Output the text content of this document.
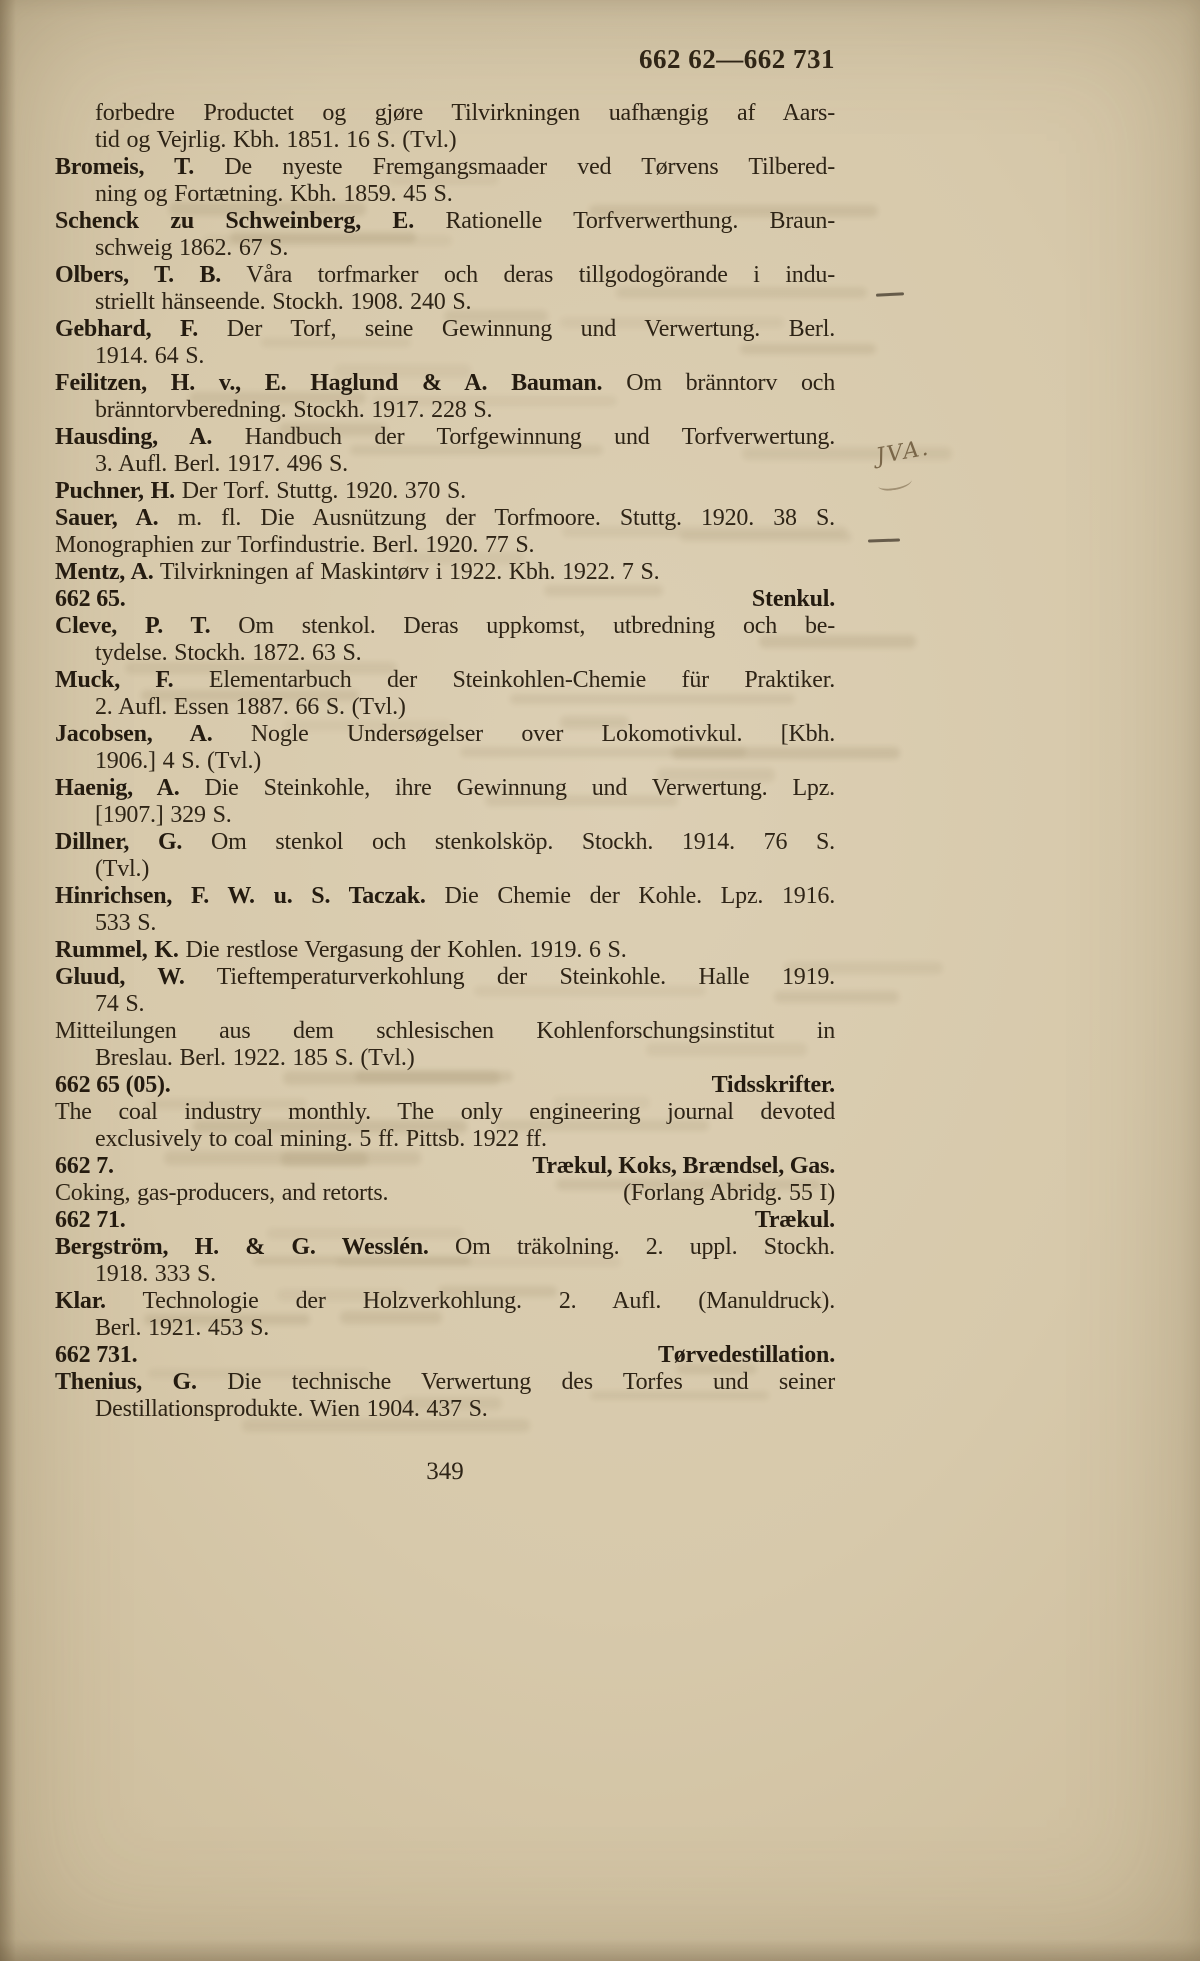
662 62—662 731
forbedre Productet og gjøre Tilvirkningen uafhængig af Aars-
tid og Vejrlig. Kbh. 1851. 16 S. (Tvl.)
Bromeis, T. De nyeste Fremgangsmaader ved Tørvens Tilbered-
ning og Fortætning. Kbh. 1859. 45 S.
Schenck zu Schweinberg, E. Rationelle Torfverwerthung. Braun-
schweig 1862. 67 S.
Olbers, T. B. Våra torfmarker och deras tillgodogörande i indu-
striellt hänseende. Stockh. 1908. 240 S.
Gebhard, F. Der Torf, seine Gewinnung und Verwertung. Berl.
1914. 64 S.
Feilitzen, H. v., E. Haglund & A. Bauman. Om bränntorv och
bränntorvberedning. Stockh. 1917. 228 S.
Hausding, A. Handbuch der Torfgewinnung und Torfverwertung.
3. Aufl. Berl. 1917. 496 S.
Puchner, H. Der Torf. Stuttg. 1920. 370 S.
Sauer, A. m. fl. Die Ausnützung der Torfmoore. Stuttg. 1920. 38 S.
Monographien zur Torfindustrie. Berl. 1920. 77 S.
Mentz, A. Tilvirkningen af Maskintørv i 1922. Kbh. 1922. 7 S.
662 65.	Stenkul.
Cleve, P. T. Om stenkol. Deras uppkomst, utbredning och be-
tydelse. Stockh. 1872. 63 S.
Muck, F. Elementarbuch der Steinkohlen-Chemie für Praktiker.
2. Aufl. Essen 1887. 66 S. (Tvl.)
Jacobsen, A. Nogle Undersøgelser over Lokomotivkul. [Kbh.
1906.] 4 S. (Tvl.)
Haenig, A. Die Steinkohle, ihre Gewinnung und Verwertung. Lpz.
[1907.] 329 S.
Dillner, G. Om stenkol och stenkolsköp. Stockh. 1914. 76 S.
(Tvl.)
Hinrichsen, F. W. u. S. Taczak. Die Chemie der Kohle. Lpz. 1916.
533 S.
Rummel, K. Die restlose Vergasung der Kohlen. 1919. 6 S.
Gluud, W. Tieftemperaturverkohlung der Steinkohle. Halle 1919.
74 S.
Mitteilungen aus dem schlesischen Kohlenforschungsinstitut in
Breslau. Berl. 1922. 185 S. (Tvl.)
662 65 (05).	Tidsskrifter.
The coal industry monthly. The only engineering journal devoted
exclusively to coal mining. 5 ff. Pittsb. 1922 ff.
662 7.	Trækul, Koks, Brændsel, Gas.
Coking, gas-producers, and retorts.	(Forlang Abridg. 55 I)
662 71.	Trækul.
Bergström, H. & G. Wesslén. Om träkolning. 2. uppl. Stockh.
1918. 333 S.
Klar. Technologie der Holzverkohlung. 2. Aufl. (Manuldruck).
Berl. 1921. 453 S.
662 731.	Tørvedestillation.
Thenius, G. Die technische Verwertung des Torfes und seiner
Destillationsprodukte. Wien 1904. 437 S.
JVA.
349
